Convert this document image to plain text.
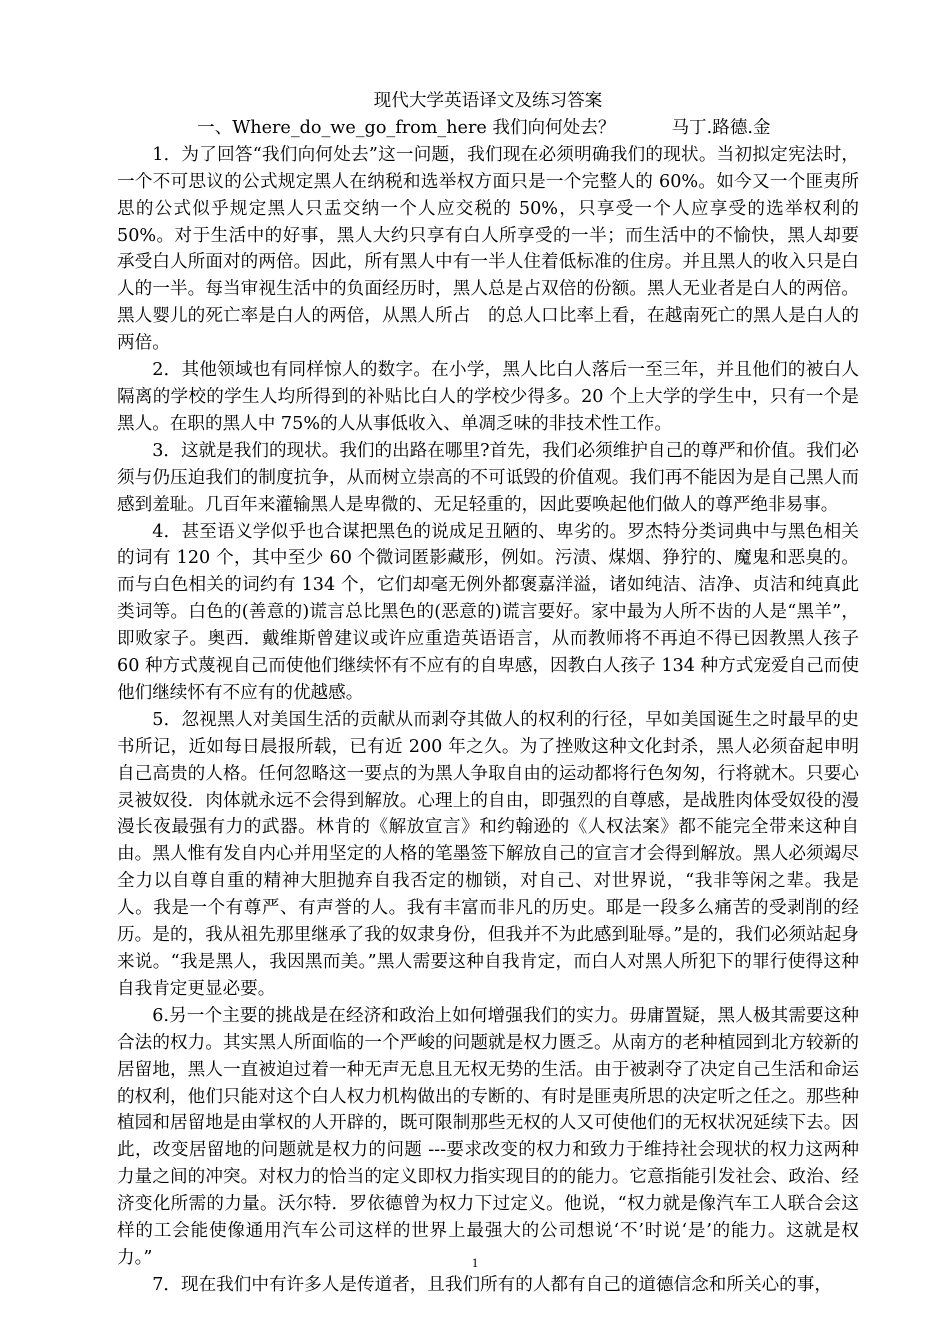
现代大学英语译文及练习答案

一、Where_do_we_go_from_here 我们向何处去？          马丁.路德.金

1．为了回答“我们向何处去”这一问题，我们现在必须明确我们的现状。当初拟定宪法时，一个不可思议的公式规定黑人在纳税和选举权方面只是一个完整人的 60%。如今又一个匪夷所思的公式似乎规定黑人只盂交纳一个人应交税的 50%，只享受一个人应享受的选举权利的 50%。对于生活中的好事，黑人大约只享有白人所享受的一半；而生活中的不愉快，黑人却要承受白人所面对的两倍。因此，所有黑人中有一半人住着低标准的住房。并且黑人的收入只是白人的一半。每当审视生活中的负面经历时，黑人总是占双倍的份额。黑人无业者是白人的两倍。黑人婴儿的死亡率是白人的两倍，从黑人所占　的总人口比率上看，在越南死亡的黑人是白人的两倍。

2．其他领域也有同样惊人的数字。在小学，黑人比白人落后一至三年，并且他们的被白人隔离的学校的学生人均所得到的补贴比白人的学校少得多。20 个上大学的学生中，只有一个是黑人。在职的黑人中 75%的人从事低收入、单凋乏味的非技术性工作。

3．这就是我们的现状。我们的出路在哪里?首先，我们必须维护自己的尊严和价值。我们必须与仍压迫我们的制度抗争，从而树立崇高的不可诋毁的价值观。我们再不能因为是自己黑人而感到羞耻。几百年来灌输黑人是卑微的、无足轻重的，因此要唤起他们做人的尊严绝非易事。

4．甚至语义学似乎也合谋把黑色的说成足丑陋的、卑劣的。罗杰特分类词典中与黑色相关的词有 120 个，其中至少 60 个微词匿影藏形，例如。污渍、煤烟、狰狞的、魔鬼和恶臭的。而与白色相关的词约有 134 个，它们却毫无例外都褒嘉洋溢，诸如纯洁、洁净、贞洁和纯真此类词等。白色的(善意的)谎言总比黑色的(恶意的)谎言要好。家中最为人所不齿的人是“黑羊”，即败家子。奥西．戴维斯曾建议或许应重造英语语言，从而教师将不再迫不得已因教黑人孩子 60 种方式蔑视自己而使他们继续怀有不应有的自卑感，因教白人孩子 134 种方式宠爱自己而使他们继续怀有不应有的优越感。

5．忽视黑人对美国生活的贡献从而剥夺其做人的权利的行径，早如美国诞生之时最早的史书所记，近如每日晨报所载，已有近 200 年之久。为了挫败这种文化封杀，黑人必须奋起申明自己高贵的人格。任何忽略这一要点的为黑人争取自由的运动都将行色匆匆，行将就木。只要心灵被奴役．肉体就永远不会得到解放。心理上的自由，即强烈的自尊感，是战胜肉体受奴役的漫漫长夜最强有力的武器。林肯的《解放宣言》和约翰逊的《人权法案》都不能完全带来这种自由。黑人惟有发自内心并用坚定的人格的笔墨签下解放自己的宣言才会得到解放。黑人必须竭尽全力以自尊自重的精神大胆抛弃自我否定的枷锁，对自己、对世界说，“我非等闲之辈。我是人。我是一个有尊严、有声誉的人。我有丰富而非凡的历史。耶是一段多么痛苦的受剥削的经历。是的，我从祖先那里继承了我的奴隶身份，但我并不为此感到耻辱。”是的，我们必须站起身来说。“我是黑人，我因黑而美。”黑人需要这种自我肯定，而白人对黑人所犯下的罪行使得这种自我肯定更显必要。

6.另一个主要的挑战是在经济和政治上如何增强我们的实力。毋庸置疑，黑人极其需要这种合法的权力。其实黑人所面临的一个严峻的问题就是权力匮乏。从南方的老种植园到北方较新的居留地，黑人一直被迫过着一种无声无息且无权无势的生活。由于被剥夺了决定自己生活和命运的权利，他们只能对这个白人权力机构做出的专断的、有时是匪夷所思的决定听之任之。那些种植园和居留地是由掌权的人开辟的，既可限制那些无权的人又可使他们的无权状况延续下去。因此，改变居留地的问题就是权力的问题 ---要求改变的权力和致力于维持社会现状的权力这两种力量之间的冲突。对权力的恰当的定义即权力指实现目的的能力。它意指能引发社会、政治、经济变化所需的力量。沃尔特．罗依德曾为权力下过定义。他说，“权力就是像汽车工人联合会这样的工会能使像通用汽车公司这样的世界上最强大的公司想说‘不’时说‘是’的能力。这就是权力。”

7．现在我们中有许多人是传道者，且我们所有的人都有自己的道德信念和所关心的事，

1
